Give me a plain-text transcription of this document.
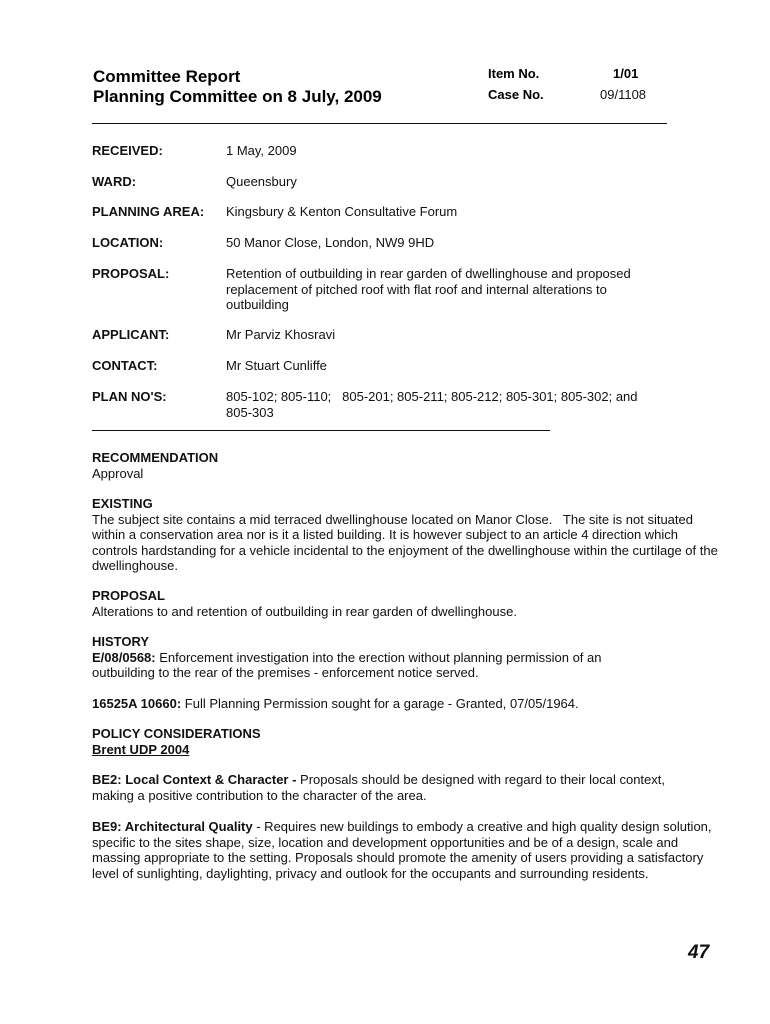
Committee Report
Planning Committee on 8 July, 2009
Item No.	1/01
Case No.	09/1108
RECEIVED:	1 May, 2009
WARD:	Queensbury
PLANNING AREA: Kingsbury & Kenton Consultative Forum
LOCATION:	50 Manor Close, London, NW9 9HD
PROPOSAL:	Retention of outbuilding in rear garden of dwellinghouse and proposed replacement of pitched roof with flat roof and internal alterations to outbuilding
APPLICANT:	Mr Parviz Khosravi
CONTACT:	Mr Stuart Cunliffe
PLAN NO'S:	805-102; 805-110;   805-201; 805-211; 805-212; 805-301; 805-302; and 805-303

RECOMMENDATION

Approval

EXISTING

The subject site contains a mid terraced dwellinghouse located on Manor Close.   The site is not situated within a conservation area nor is it a listed building. It is however subject to an article 4 direction which controls hardstanding for a vehicle incidental to the enjoyment of the dwellinghouse within the curtilage of the dwellinghouse.

PROPOSAL

Alterations to and retention of outbuilding in rear garden of dwellinghouse.

HISTORY

E/08/0568: Enforcement investigation into the erection without planning permission of an outbuilding to the rear of the premises - enforcement notice served.

16525A 10660: Full Planning Permission sought for a garage - Granted, 07/05/1964.

POLICY CONSIDERATIONS

Brent UDP 2004

BE2: Local Context & Character - Proposals should be designed with regard to their local context, making a positive contribution to the character of the area.

BE9: Architectural Quality - Requires new buildings to embody a creative and high quality design solution, specific to the sites shape, size, location and development opportunities and be of a design, scale and massing appropriate to the setting. Proposals should promote the amenity of users providing a satisfactory level of sunlighting, daylighting, privacy and outlook for the occupants and surrounding residents.

47
